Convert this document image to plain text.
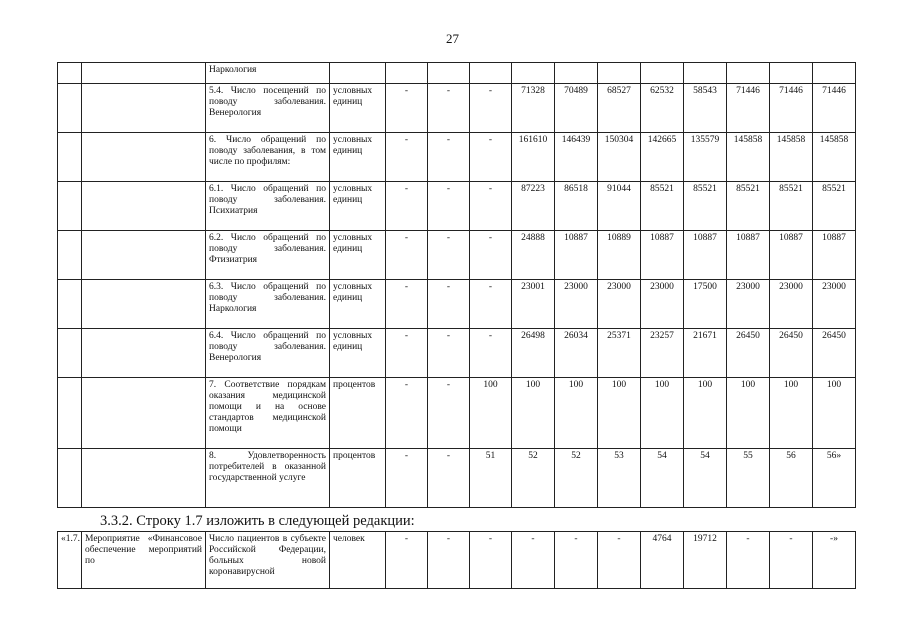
27
		Наркология												
		5.4. Число посещений по поводу заболевания. Венерология	условных единиц	-	-	-	71328	70489	68527	62532	58543	71446	71446	71446
		6. Число обращений по поводу заболевания, в том числе по профилям:	условных единиц	-	-	-	161610	146439	150304	142665	135579	145858	145858	145858
		6.1. Число обращений по поводу заболевания. Психиатрия	условных единиц	-	-	-	87223	86518	91044	85521	85521	85521	85521	85521
		6.2. Число обращений по поводу заболевания. Фтизиатрия	условных единиц	-	-	-	24888	10887	10889	10887	10887	10887	10887	10887
		6.3. Число обращений по поводу заболевания. Наркология	условных единиц	-	-	-	23001	23000	23000	23000	17500	23000	23000	23000
		6.4. Число обращений по поводу заболевания. Венерология	условных единиц	-	-	-	26498	26034	25371	23257	21671	26450	26450	26450
		7. Соответствие порядкам оказания медицинской помощи и на основе стандартов медицинской помощи	процентов	-	-	100	100	100	100	100	100	100	100	100
		8. Удовлетворенность потребителей в оказанной государственной услуге	процентов	-	-	51	52	52	53	54	54	55	56	56»
3.3.2. Строку 1.7 изложить в следующей редакции:
«1.7.	Мероприятие «Финансовое обеспечение мероприятий по	Число пациентов в субъекте Российской Федерации, больных новой коронавирусной	человек	-	-	-	-	-	-	4764	19712	-	-	-»
